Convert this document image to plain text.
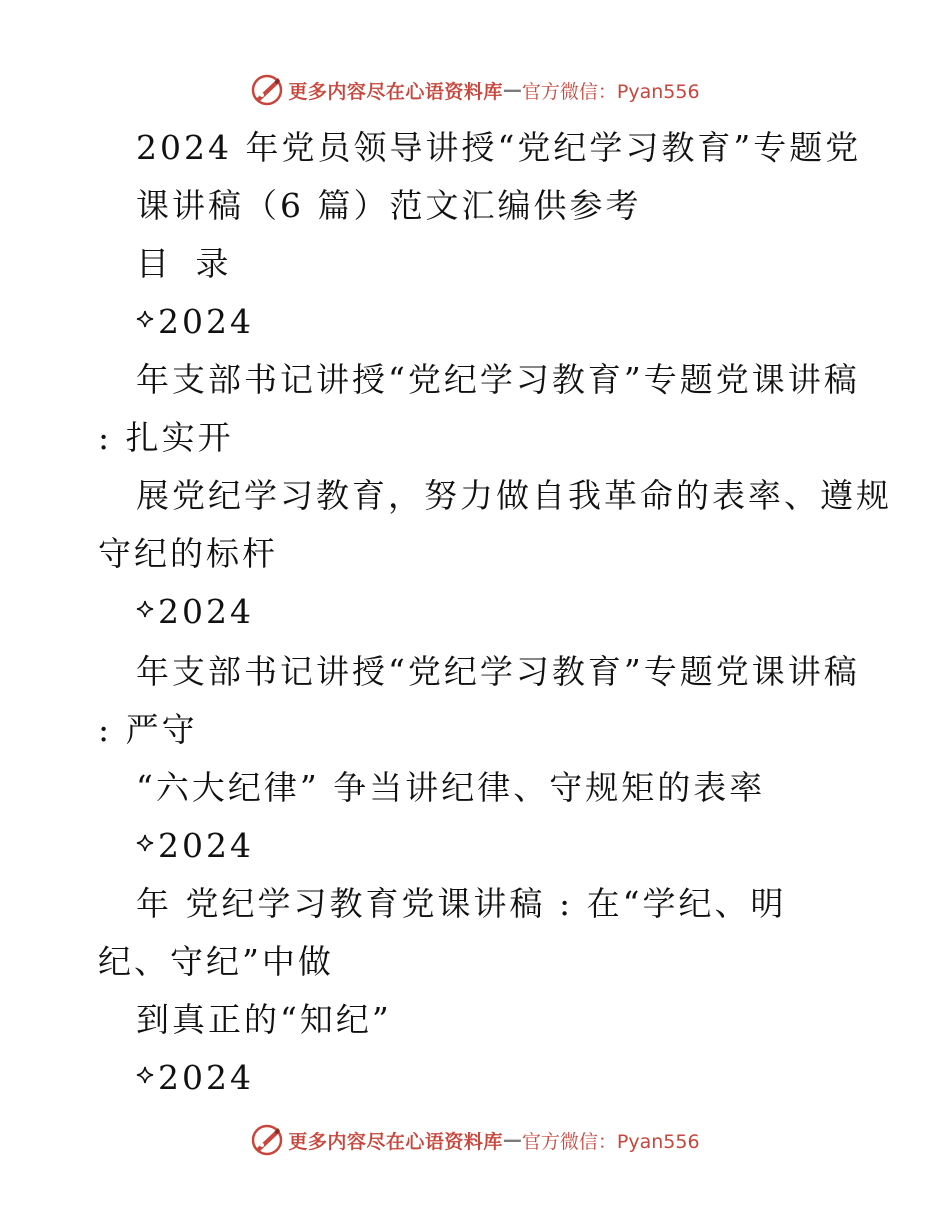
更多内容尽在心语资料库 — 官方微信：Pyan556

2024 年党员领导讲授“党纪学习教育”专题党

课讲稿（6 篇）范文汇编供参考

目 录

2024

年支部书记讲授“党纪学习教育”专题党课讲稿

: 扎实开

展党纪学习教育，努力做自我革命的表率、遵规

守纪的标杆

2024

年支部书记讲授“党纪学习教育”专题党课讲稿

: 严守

“六大纪律” 争当讲纪律、守规矩的表率

2024

年 党纪学习教育党课讲稿 : 在“学纪、明

纪、守纪”中做

到真正的“知纪”

2024

更多内容尽在心语资料库 — 官方微信：Pyan556
